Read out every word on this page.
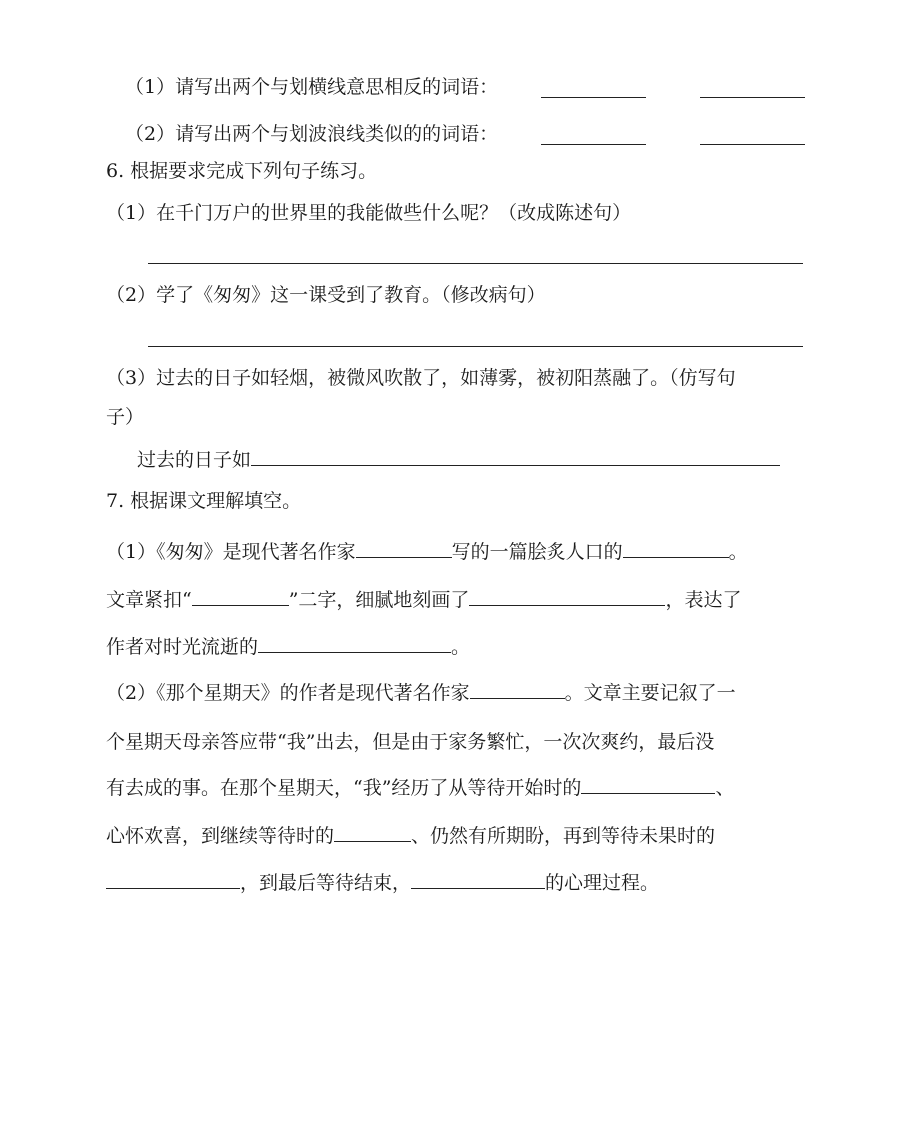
（1）请写出两个与划横线意思相反的词语：
（2）请写出两个与划波浪线类似的的词语：
6. 根据要求完成下列句子练习。
（1）在千门万户的世界里的我能做些什么呢？（改成陈述句）
（2）学了《匆匆》这一课受到了教育。（修改病句）
（3）过去的日子如轻烟，被微风吹散了，如薄雾，被初阳蒸融了。（仿写句
子）
过去的日子如
7. 根据课文理解填空。
（1）《匆匆》是现代著名作家	写的一篇脍炙人口的	。
文章紧扣“	”二字，细腻地刻画了	，表达了
作者对时光流逝的	。
（2）《那个星期天》的作者是现代著名作家	。文章主要记叙了一
个星期天母亲答应带“我”出去，但是由于家务繁忙，一次次爽约，最后没
有去成的事。在那个星期天，“我”经历了从等待开始时的	、
心怀欢喜，到继续等待时的	、仍然有所期盼，再到等待未果时的
，到最后等待结束，	的心理过程。
